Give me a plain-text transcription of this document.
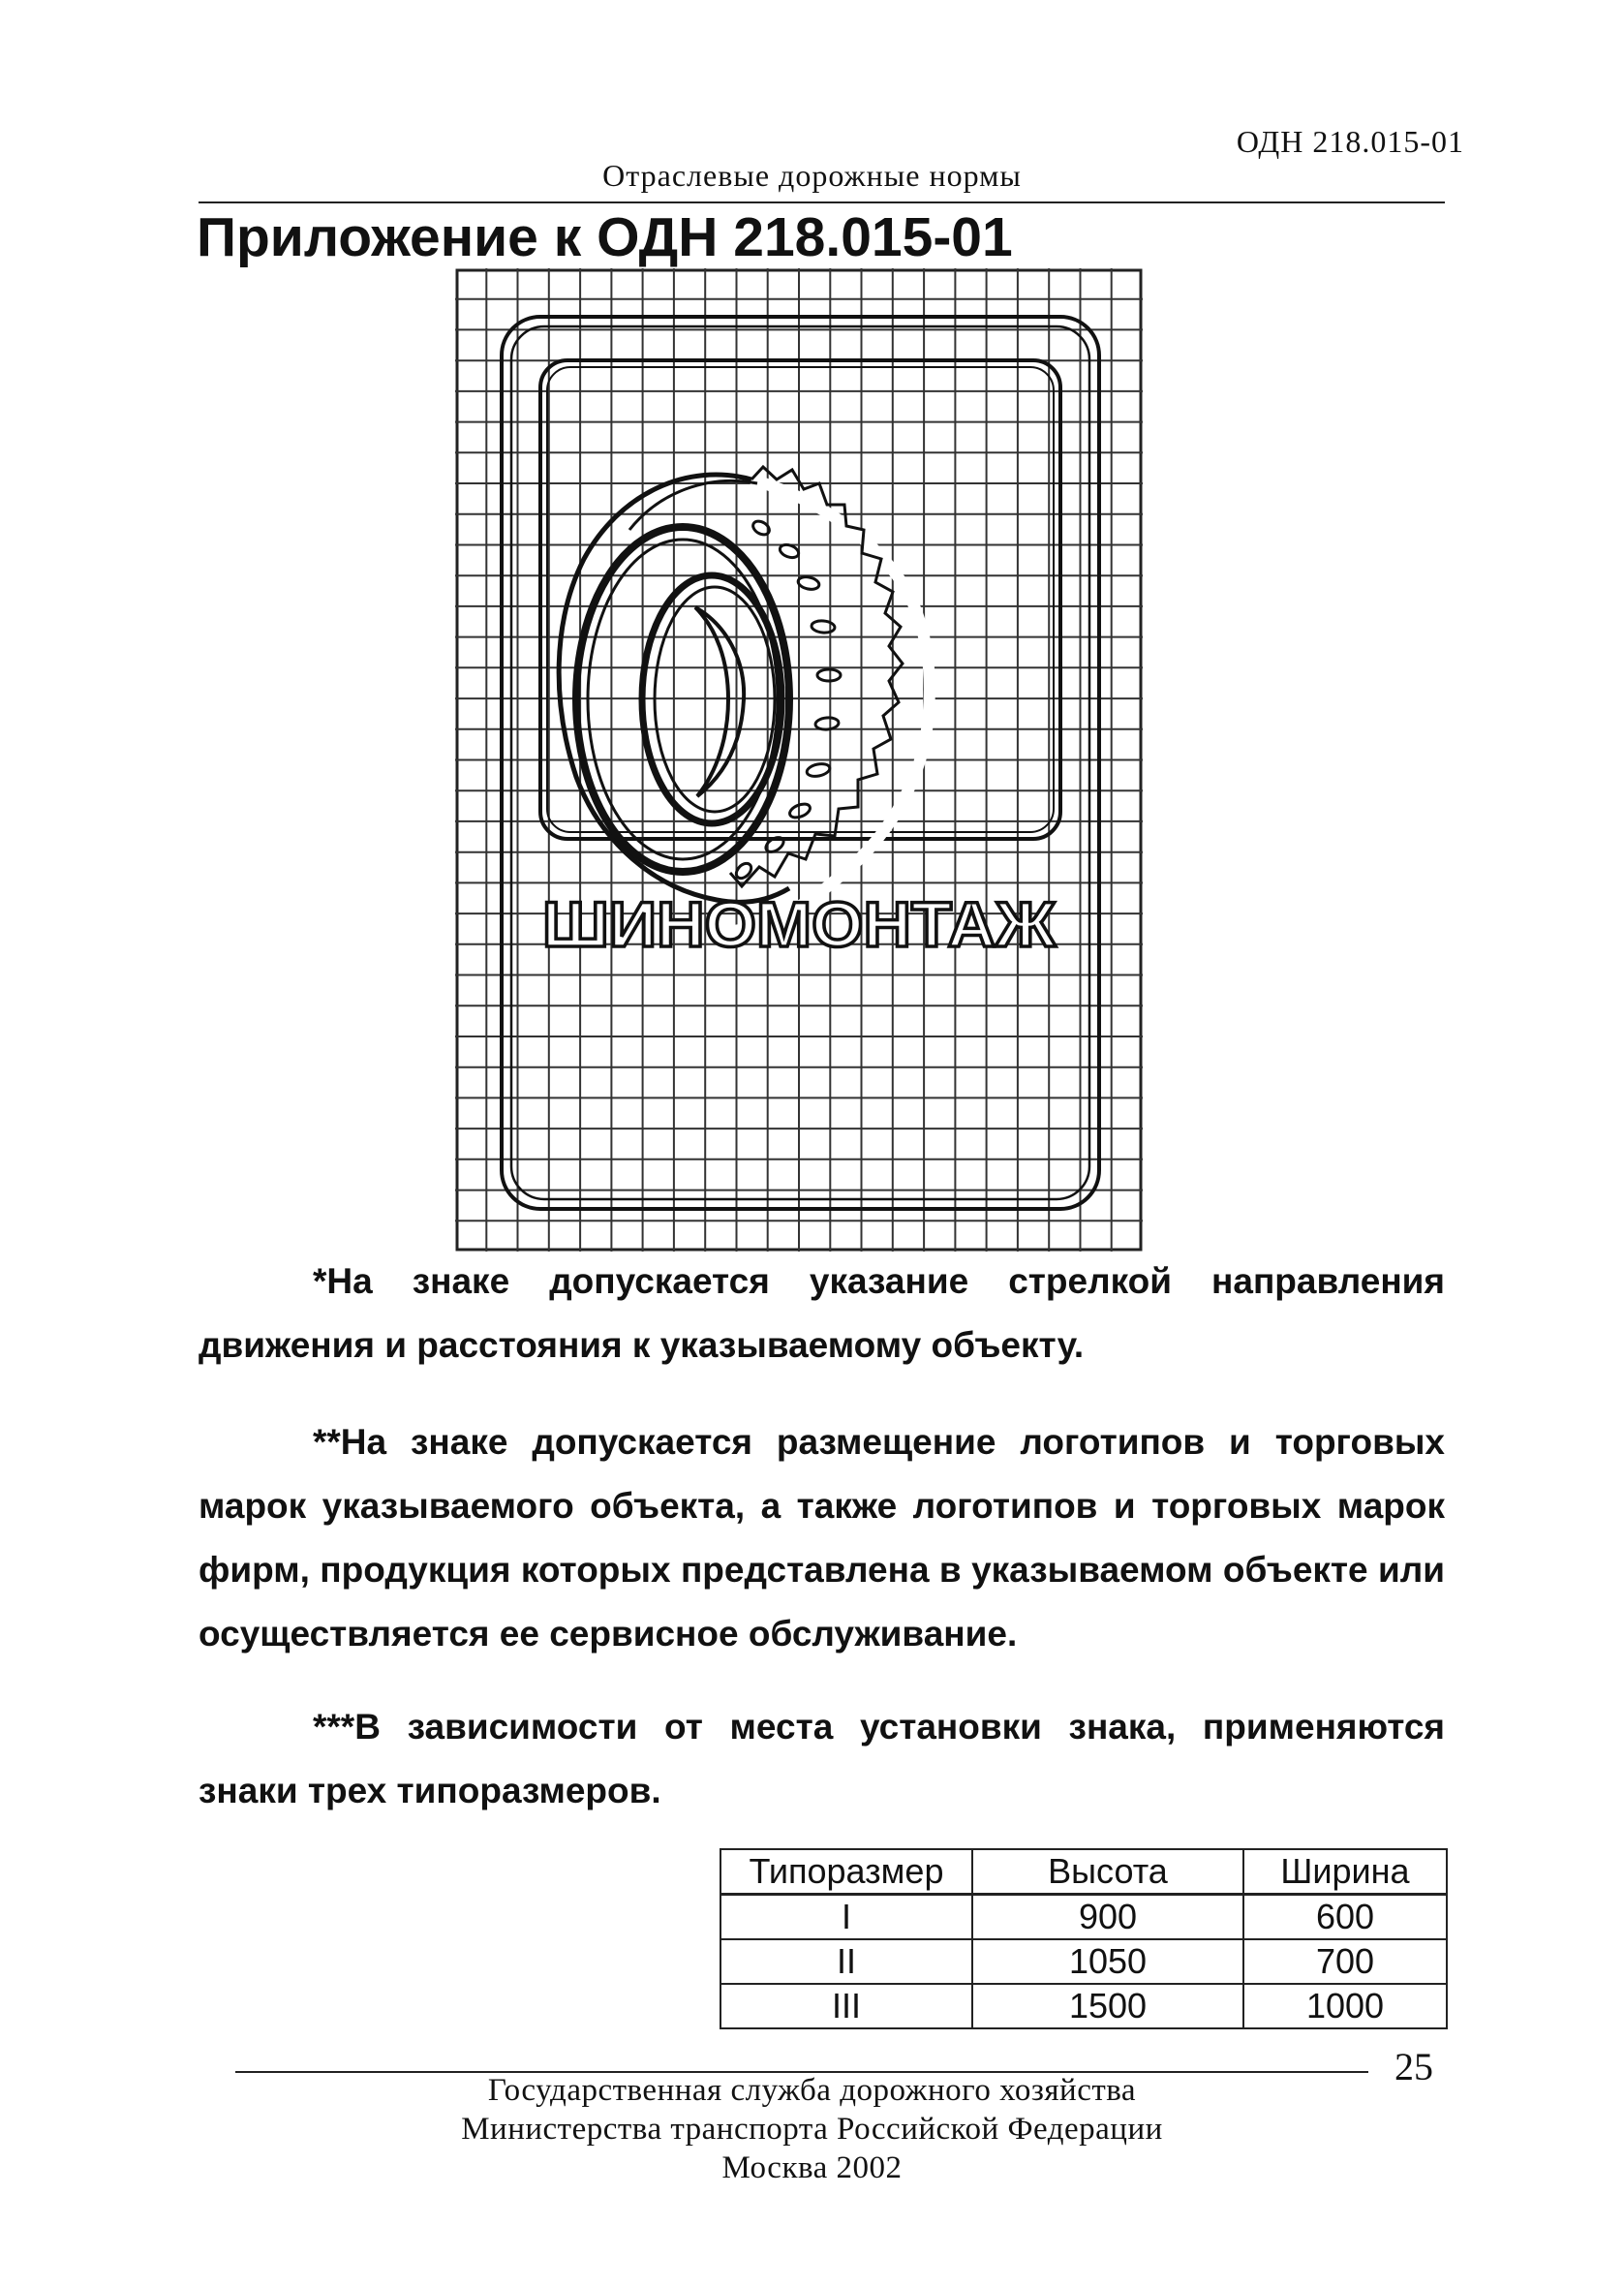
ОДН 218.015-01
Отраслевые дорожные нормы
Приложение к ОДН 218.015-01
ШИНОМОНТАЖ

*На знаке допускается указание стрелкой направления движения и расстояния к указываемому объекту.

**На знаке допускается размещение логотипов и торговых марок указываемого объекта, а также логотипов и торговых марок фирм, продукция которых представлена в указываемом объекте или осуществляется ее сервисное обслуживание.

***В зависимости от места установки знака, применяются знаки трех типоразмеров.

Типоразмер	Высота	Ширина
I	900	600
II	1050	700
III	1500	1000
25
Государственная служба дорожного хозяйства
Министерства транспорта Российской Федерации
Москва 2002
